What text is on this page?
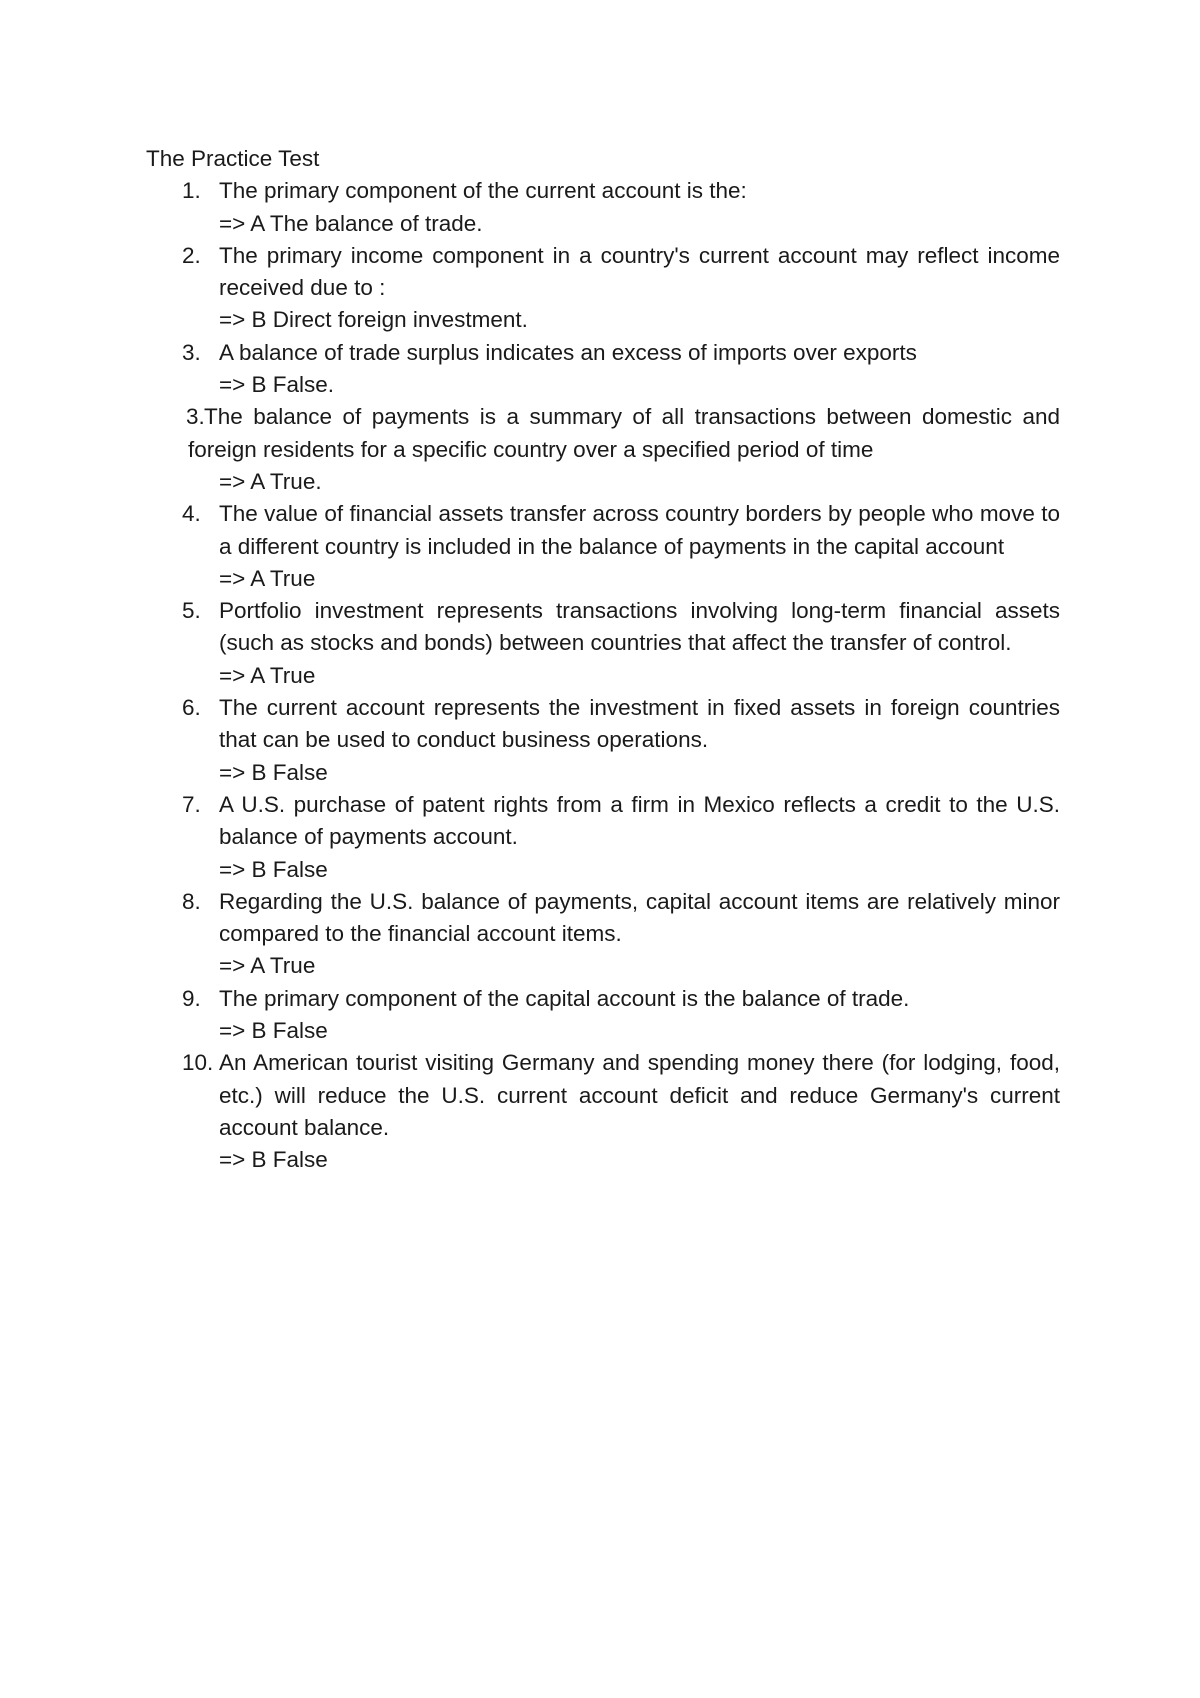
The Practice Test
1. The primary component of the current account is the:
=> A The balance of trade.
2. The primary income component in a country's current account may reflect income received due to :
=> B Direct foreign investment.
3. A balance of trade surplus indicates an excess of imports over exports
=> B False.
3. The balance of payments is a summary of all transactions between domestic and foreign residents for a specific country over a specified period of time
=> A True.
4. The value of financial assets transfer across country borders by people who move to a different country is included in the balance of payments in the capital account
=> A True
5. Portfolio investment represents transactions involving long-term financial assets (such as stocks and bonds) between countries that affect the transfer of control.
=> A True
6. The current account represents the investment in fixed assets in foreign countries that can be used to conduct business operations.
=> B False
7. A U.S. purchase of patent rights from a firm in Mexico reflects a credit to the U.S. balance of payments account.
=> B False
8. Regarding the U.S. balance of payments, capital account items are relatively minor compared to the financial account items.
=> A True
9. The primary component of the capital account is the balance of trade.
=> B False
10. An American tourist visiting Germany and spending money there (for lodging, food, etc.) will reduce the U.S. current account deficit and reduce Germany's current account balance.
=> B False
